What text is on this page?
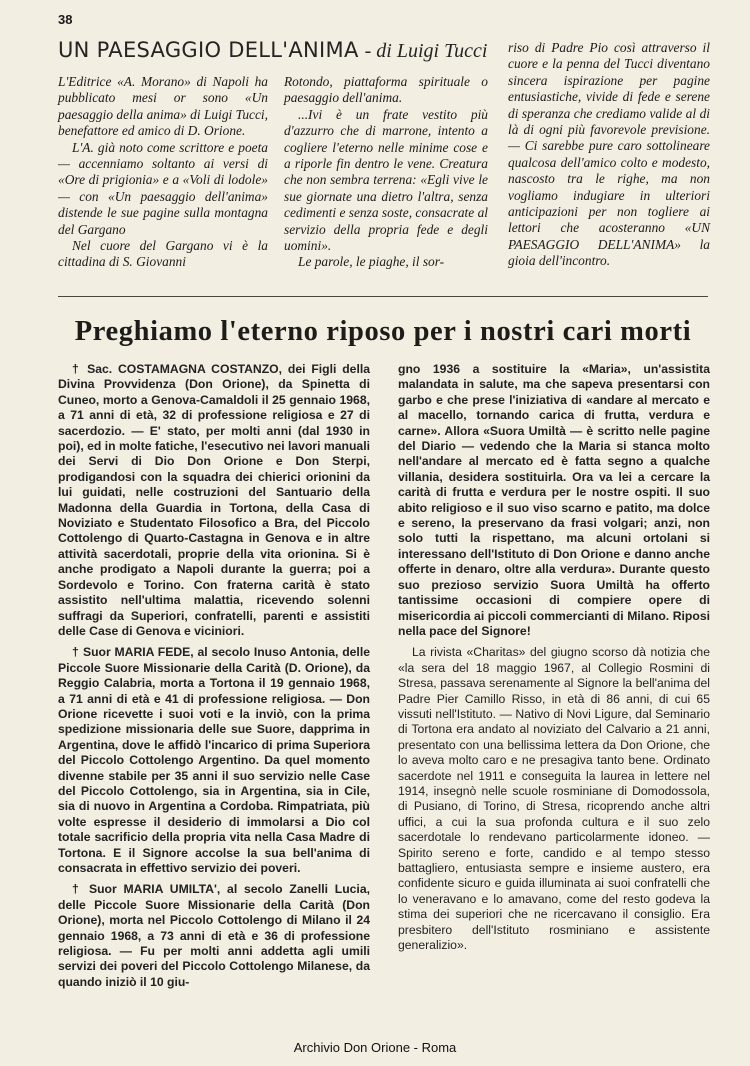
38
UN PAESAGGIO DELL'ANIMA - di Luigi Tucci

L'Editrice «A. Morano» di Napoli ha pubblicato mesi or sono «Un paesaggio della anima» di Luigi Tucci, benefattore ed amico di D. Orione.

L'A. già noto come scrittore e poeta — accenniamo soltanto ai versi di «Ore di prigionia» e a «Voli di lodole» — con «Un paesaggio dell'anima» distende le sue pagine sulla montagna del Gargano

Nel cuore del Gargano vi è la cittadina di S. Giovanni

Rotondo, piattaforma spirituale o paesaggio dell'anima.

...Ivi è un frate vestito più d'azzurro che di marrone, intento a cogliere l'eterno nelle minime cose e a riporle fin dentro le vene. Creatura che non sembra terrena: «Egli vive le sue giornate una dietro l'altra, senza cedimenti e senza soste, consacrate al servizio della propria fede e degli uomini».

Le parole, le piaghe, il sor-

riso di Padre Pio così attraverso il cuore e la penna del Tucci diventano sincera ispirazione per pagine entusiastiche, vivide di fede e serene di speranza che crediamo valide al di là di ogni più favorevole previsione. — Ci sarebbe pure caro sottolineare qualcosa dell'amico colto e modesto, nascosto tra le righe, ma non vogliamo indugiare in ulteriori anticipazioni per non togliere ai lettori che acosteranno «UN PAESAGGIO DELL'ANIMA» la gioia dell'incontro.

Preghiamo l'eterno riposo per i nostri cari morti

† Sac. COSTAMAGNA COSTANZO, dei Figli della Divina Provvidenza (Don Orione), da Spinetta di Cuneo, morto a Genova-Camaldoli il 25 gennaio 1968, a 71 anni di età, 32 di professione religiosa e 27 di sacerdozio. — E' stato, per molti anni (dal 1930 in poi), ed in molte fatiche, l'esecutivo nei lavori manuali dei Servi di Dio Don Orione e Don Sterpi, prodigandosi con la squadra dei chierici orionini da lui guidati, nelle costruzioni del Santuario della Madonna della Guardia in Tortona, della Casa di Noviziato e Studentato Filosofico a Bra, del Piccolo Cottolengo di Quarto-Castagna in Genova e in altre attività sacerdotali, proprie della vita orionina. Si è anche prodigato a Napoli durante la guerra; poi a Sordevolo e Torino. Con fraterna carità è stato assistito nell'ultima malattia, ricevendo solenni suffragi da Superiori, confratelli, parenti e assistiti delle Case di Genova e viciniori.

† Suor MARIA FEDE, al secolo Inuso Antonia, delle Piccole Suore Missionarie della Carità (D. Orione), da Reggio Calabria, morta a Tortona il 19 gennaio 1968, a 71 anni di età e 41 di professione religiosa. — Don Orione ricevette i suoi voti e la inviò, con la prima spedizione missionaria delle sue Suore, dapprima in Argentina, dove le affidò l'incarico di prima Superiora del Piccolo Cottolengo Argentino. Da quel momento divenne stabile per 35 anni il suo servizio nelle Case del Piccolo Cottolengo, sia in Argentina, sia in Cile, sia di nuovo in Argentina a Cordoba. Rimpatriata, più volte espresse il desiderio di immolarsi a Dio col totale sacrificio della propria vita nella Casa Madre di Tortona. E il Signore accolse la sua bell'anima di consacrata in effettivo servizio dei poveri.

† Suor MARIA UMILTA', al secolo Zanelli Lucia, delle Piccole Suore Missionarie della Carità (Don Orione), morta nel Piccolo Cottolengo di Milano il 24 gennaio 1968, a 73 anni di età e 36 di professione religiosa. — Fu per molti anni addetta agli umili servizi dei poveri del Piccolo Cottolengo Milanese, da quando iniziò il 10 giu-

gno 1936 a sostituire la «Maria», un'assistita malandata in salute, ma che sapeva presentarsi con garbo e che prese l'iniziativa di «andare al mercato e al macello, tornando carica di frutta, verdura e carne». Allora «Suora Umiltà — è scritto nelle pagine del Diario — vedendo che la Maria si stanca molto nell'andare al mercato ed è fatta segno a qualche villania, desidera sostituirla. Ora va lei a cercare la carità di frutta e verdura per le nostre ospiti. Il suo abito religioso e il suo viso scarno e patito, ma dolce e sereno, la preservano da frasi volgari; anzi, non solo tutti la rispettano, ma alcuni ortolani si interessano dell'Istituto di Don Orione e danno anche offerte in denaro, oltre alla verdura». Durante questo suo prezioso servizio Suora Umiltà ha offerto tantissime occasioni di compiere opere di misericordia ai piccoli commercianti di Milano. Riposi nella pace del Signore!

La rivista «Charitas» del giugno scorso dà notizia che «la sera del 18 maggio 1967, al Collegio Rosmini di Stresa, passava serenamente al Signore la bell'anima del Padre Pier Camillo Risso, in età di 86 anni, di cui 65 vissuti nell'Istituto. — Nativo di Novi Ligure, dal Seminario di Tortona era andato al noviziato del Calvario a 21 anni, presentato con una bellissima lettera da Don Orione, che lo aveva molto caro e ne presagiva tanto bene. Ordinato sacerdote nel 1911 e conseguita la laurea in lettere nel 1914, insegnò nelle scuole rosminiane di Domodossola, di Pusiano, di Torino, di Stresa, ricoprendo anche altri uffici, a cui la sua profonda cultura e il suo zelo sacerdotale lo rendevano particolarmente idoneo. — Spirito sereno e forte, candido e al tempo stesso battagliero, entusiasta sempre e insieme austero, era confidente sicuro e guida illuminata ai suoi confratelli che lo veneravano e lo amavano, come del resto godeva la stima dei superiori che ne ricercavano il consiglio. Era presbitero dell'Istituto rosminiano e assistente generalizio».

Archivio Don Orione - Roma
